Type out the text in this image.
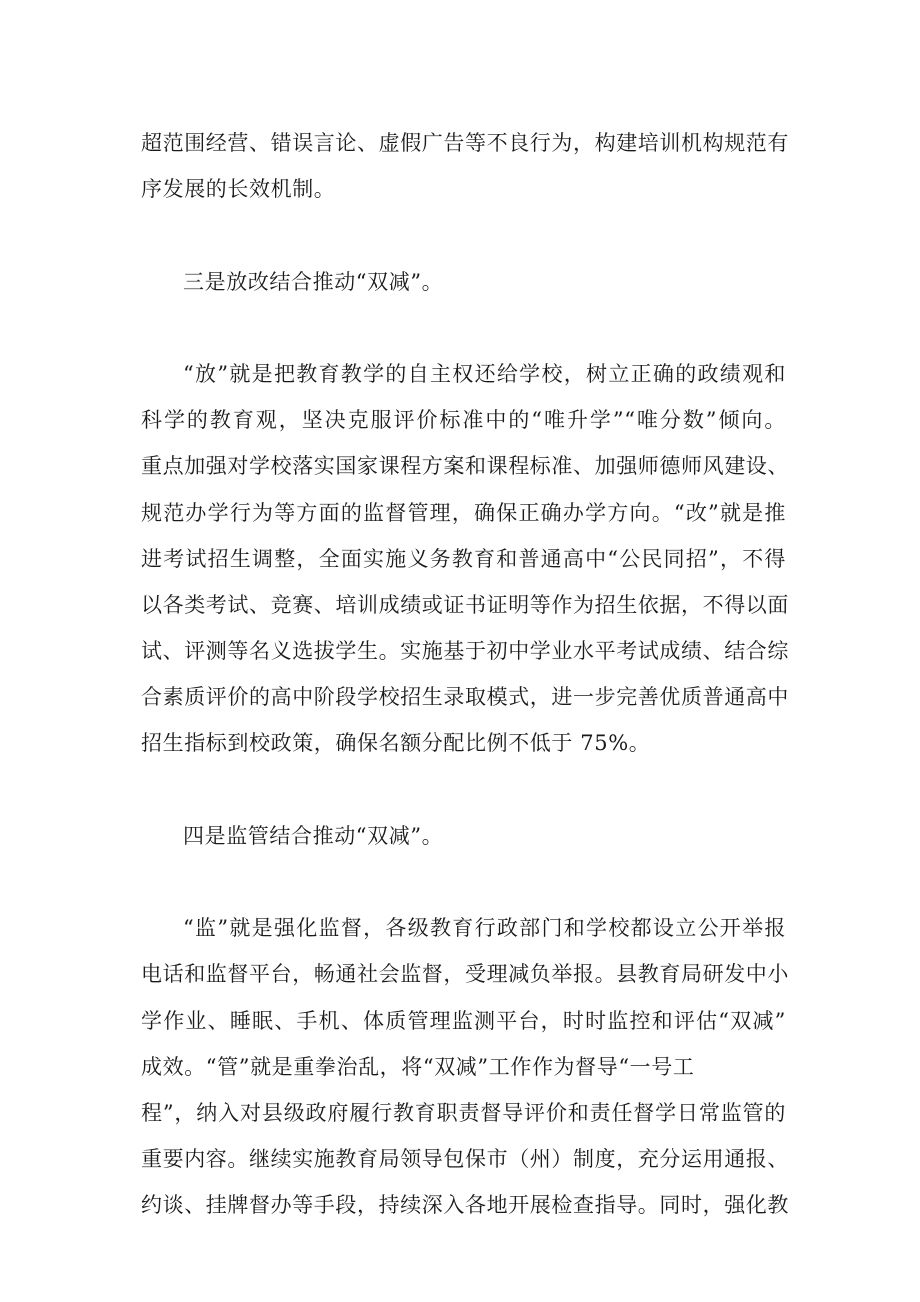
超范围经营、错误言论、虚假广告等不良行为，构建培训机构规范有
序发展的长效机制。
三是放改结合推动“双减”。
“放”就是把教育教学的自主权还给学校，树立正确的政绩观和
科学的教育观，坚决克服评价标准中的“唯升学”“唯分数”倾向。
重点加强对学校落实国家课程方案和课程标准、加强师德师风建设、
规范办学行为等方面的监督管理，确保正确办学方向。“改”就是推
进考试招生调整，全面实施义务教育和普通高中“公民同招”，不得
以各类考试、竞赛、培训成绩或证书证明等作为招生依据，不得以面
试、评测等名义选拔学生。实施基于初中学业水平考试成绩、结合综
合素质评价的高中阶段学校招生录取模式，进一步完善优质普通高中
招生指标到校政策，确保名额分配比例不低于 75%。
四是监管结合推动“双减”。
“监”就是强化监督，各级教育行政部门和学校都设立公开举报
电话和监督平台，畅通社会监督，受理减负举报。县教育局研发中小
学作业、睡眠、手机、体质管理监测平台，时时监控和评估“双减”
成效。“管”就是重拳治乱，将“双减”工作作为督导“一号工
程”，纳入对县级政府履行教育职责督导评价和责任督学日常监管的
重要内容。继续实施教育局领导包保市（州）制度，充分运用通报、
约谈、挂牌督办等手段，持续深入各地开展检查指导。同时，强化教
